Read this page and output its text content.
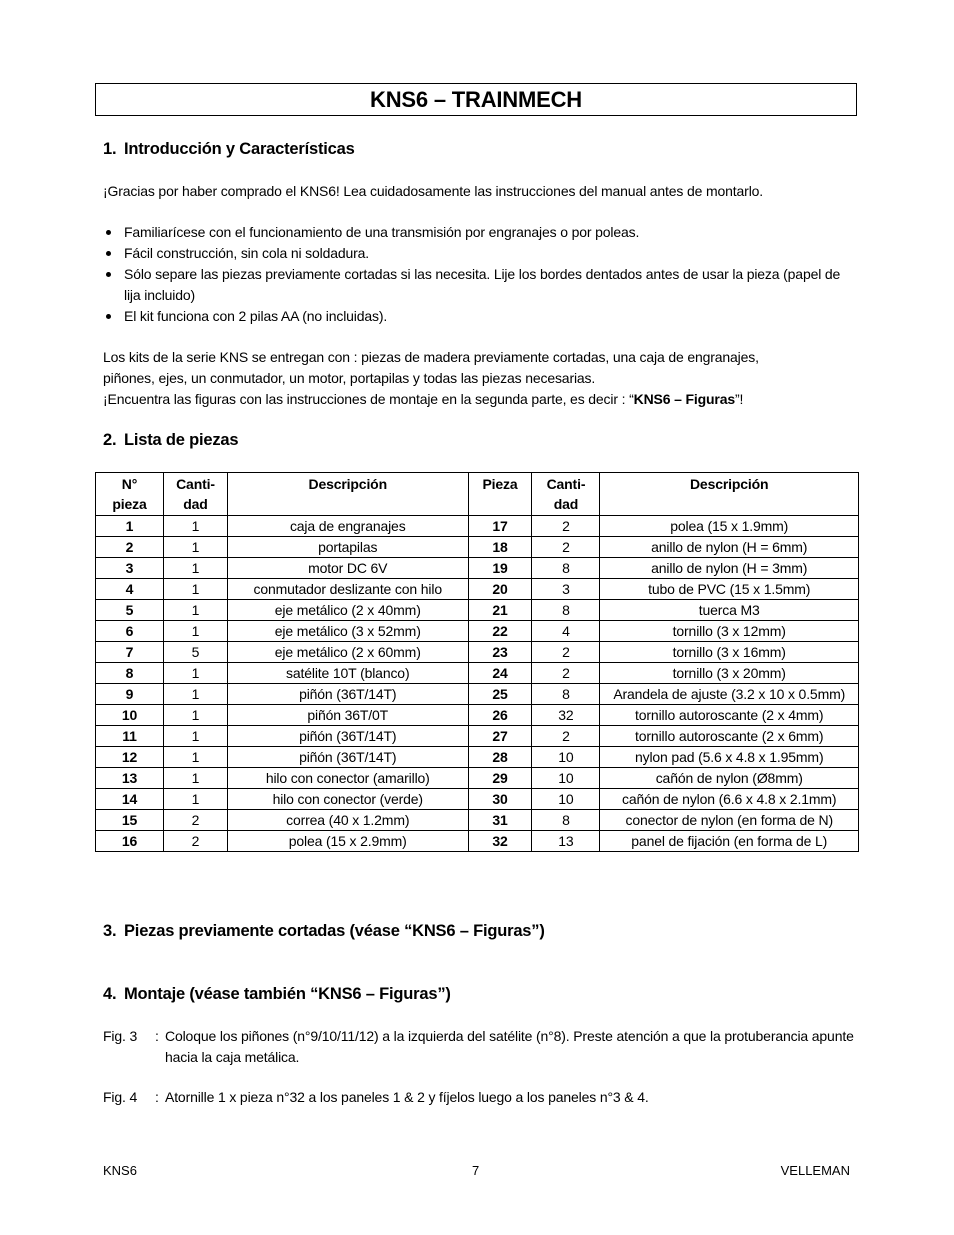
KNS6 – TRAINMECH
1. Introducción y Características
¡Gracias por haber comprado el KNS6! Lea cuidadosamente las instrucciones del manual antes de montarlo.
Familiarícese con el funcionamiento de una transmisión por engranajes o por poleas.
Fácil construcción, sin cola ni soldadura.
Sólo separe las piezas previamente cortadas si las necesita. Lije los bordes dentados antes de usar la pieza (papel de lija incluido)
El kit funciona con 2 pilas AA (no incluidas).
Los kits de la serie KNS se entregan con : piezas de madera previamente cortadas, una caja de engranajes,
piñones, ejes, un conmutador, un motor, portapilas y todas las piezas necesarias.
¡Encuentra las figuras con las instrucciones de montaje en la segunda parte, es decir : “KNS6 – Figuras”!
2. Lista de piezas
N° pieza	Canti- dad	Descripción	Pieza	Canti- dad	Descripción
1	1	caja de engranajes	17	2	polea (15 x 1.9mm)
2	1	portapilas	18	2	anillo de nylon (H = 6mm)
3	1	motor DC 6V	19	8	anillo de nylon (H = 3mm)
4	1	conmutador deslizante con hilo	20	3	tubo de PVC (15 x 1.5mm)
5	1	eje metálico (2 x 40mm)	21	8	tuerca M3
6	1	eje metálico (3 x 52mm)	22	4	tornillo (3 x 12mm)
7	5	eje metálico (2 x 60mm)	23	2	tornillo (3 x 16mm)
8	1	satélite 10T (blanco)	24	2	tornillo (3 x 20mm)
9	1	piñón (36T/14T)	25	8	Arandela de ajuste (3.2 x 10 x 0.5mm)
10	1	piñón 36T/0T	26	32	tornillo autoroscante (2 x 4mm)
11	1	piñón (36T/14T)	27	2	tornillo autoroscante (2 x 6mm)
12	1	piñón (36T/14T)	28	10	nylon pad (5.6 x 4.8 x 1.95mm)
13	1	hilo con conector (amarillo)	29	10	cañón de nylon (Ø8mm)
14	1	hilo con conector (verde)	30	10	cañón de nylon (6.6 x 4.8 x 2.1mm)
15	2	correa (40 x 1.2mm)	31	8	conector de nylon (en forma de N)
16	2	polea (15 x 2.9mm)	32	13	panel de fijación (en forma de L)
3. Piezas previamente cortadas (véase “KNS6 – Figuras”)
4. Montaje (véase también “KNS6 – Figuras”)
Fig. 3	: Coloque los piñones (n°9/10/11/12) a la izquierda del satélite (n°8). Preste atención a que la protuberancia apunte hacia la caja metálica.
Fig. 4	: Atornille 1 x pieza n°32 a los paneles 1 & 2 y fíjelos luego a los paneles n°3 & 4.
KNS6	7	VELLEMAN
